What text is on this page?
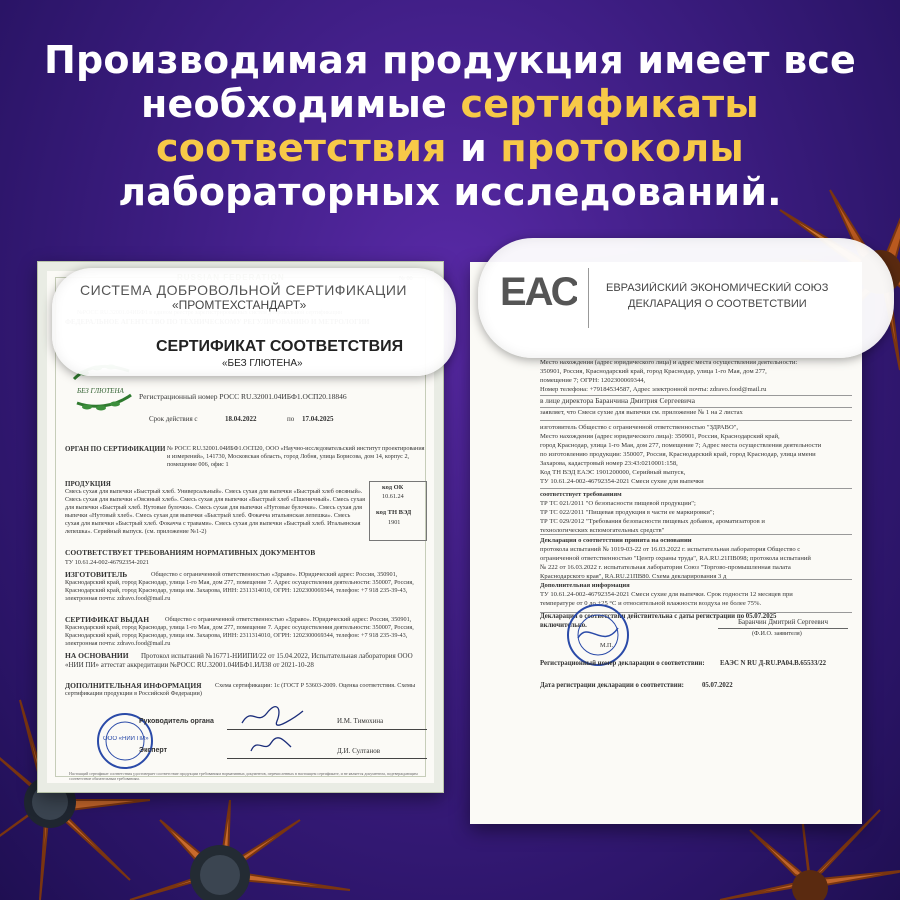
Производимая продукция имеет все необходимые сертификаты соответствия и протоколы лабораторных исследований.
БЕЗ ГЛЮТЕНА
Регистрационный номер РОСС RU.32001.04ИБФ1.ОСП20.18846
Срок действия с	18.04.2022	по 17.04.2025
ОРГАН ПО СЕРТИФИКАЦИИ № РОСС RU.32001.04ИБФ1.ОСП20, ООО «Научно-исследовательский институт проектирования и измерений», 141730, Московская область, город Лобня, улица Борисова, дом 14, корпус 2, помещение 006, офис 1
ПРОДУКЦИЯ
Смесь сухая для выпечки «Быстрый хлеб. Универсальный». Смесь сухая для выпечки «Быстрый хлеб овсяный». Смесь сухая для выпечки «Овсяный хлеб». Смесь сухая для выпечки «Быстрый хлеб «Пшеничный». Смесь сухая для выпечки «Быстрый хлеб. Нутовые булочки». Смесь сухая для выпечки «Нутовые булочки». Смесь сухая для выпечки «Нутовый хлеб». Смесь сухая для выпечки «Быстрый хлеб. Фокачча итальянская лепешка». Смесь сухая для выпечки «Быстрый хлеб. Фокачча с травами». Смесь сухая для выпечки «Быстрый хлеб. Итальянская лепешка». Серийный выпуск. (см. приложение №1-2)
код ОК
10.61.24
код ТН ВЭД
1901
СООТВЕТСТВУЕТ ТРЕБОВАНИЯМ НОРМАТИВНЫХ ДОКУМЕНТОВ
ТУ 10.61.24-002-46792354-2021
ИЗГОТОВИТЕЛЬ	Общество с ограниченной ответственностью «Здраво». Юридический адрес: Россия, 350901, Краснодарский край, город Краснодар, улица 1-го Мая, дом 277, помещение 7. Адрес осуществления деятельности: 350007, Россия, Краснодарский край, город Краснодар, улица им. Захарова, ИНН: 2311314010, ОГРН: 1202300069344, телефон: +7 918 235-39-43, электронная почта: zdravo.food@mail.ru
СЕРТИФИКАТ ВЫДАН	Общество с ограниченной ответственностью «Здраво». Юридический адрес: Россия, 350901, Краснодарский край, город Краснодар, улица 1-го Мая, дом 277, помещение 7. Адрес осуществления деятельности: 350007, Россия, Краснодарский край, город Краснодар, улица им. Захарова, ИНН: 2311314010, ОГРН: 1202300069344, телефон: +7 918 235-39-43, электронная почта: zdravo.food@mail.ru
НА ОСНОВАНИИ	Протокол испытаний №16771-НИИПИ/22 от 15.04.2022, Испытательная лаборатория ООО «НИИ ПИ» аттестат аккредитации №РОСС RU.32001.04ИБФ1.ИЛ38 от 2021-10-28
ДОПОЛНИТЕЛЬНАЯ ИНФОРМАЦИЯ	Схема сертификации: 1с (ГОСТ Р 53603-2009. Оценка соответствия. Схемы сертификации продукции в Российской Федерации)
ООО «НИИ ПИ»
Руководитель органа	И.М. Тимохина
Эксперт	Д.И. Султанов
Настоящий сертификат соответствия удостоверяет соответствие продукции требованиям нормативных документов, перечисленных в настоящем сертификате, и не является документом, подтверждающим соответствие обязательным требованиям.
СИСТЕМА ДОБРОВОЛЬНОЙ СЕРТИФИКАЦИИ
«ПРОМТЕХСТАНДАРТ»
СЕРТИФИКАТ СООТВЕТСТВИЯ
«БЕЗ ГЛЮТЕНА»	Место нахождения (адрес юридического лица) и адрес места осуществления деятельности:
350901, Россия, Краснодарский край, город Краснодар, улица 1-го Мая, дом 277,
помещение 7; ОГРН: 1202300069344,
Номер телефона: +79184534587, Адрес электронной почты: zdravo.food@mail.ru
в лице директора Баранчина Дмитрия Сергеевича
заявляет, что Смеси сухие для выпечки см. приложение № 1 на 2 листах
изготовитель Общество с ограниченной ответственностью "ЗДРАВО",
Место нахождения (адрес юридического лица): 350901, Россия, Краснодарский край,
город Краснодар, улица 1-го Мая, дом 277, помещение 7; Адрес места осуществления деятельности
по изготовлению продукции: 350007, Россия, Краснодарский край, город Краснодар, улица имени
Захарова, кадастровый номер 23:43:0210001:158,
Код ТН ВЭД ЕАЭС 1901200000, Серийный выпуск,
ТУ 10.61.24-002-46792354-2021 Смеси сухие для выпечки
соответствует требованиям
ТР ТС 021/2011 "О безопасности пищевой продукции";
ТР ТС 022/2011 "Пищевая продукция в части ее маркировки";
ТР ТС 029/2012 "Требования безопасности пищевых добавок, ароматизаторов и
технологических вспомогательных средств"
Декларация о соответствии принята на основании
протокола испытаний № 1019-03-22 от 16.03.2022 г. испытательная лаборатория Общество с
ограниченной ответственностью "Центр охраны труда", RA.RU.21ПВ098; протокола испытаний
№ 222 от 16.03.2022 г. испытательная лаборатория Союз "Торгово-промышленная палата
Краснодарского края", RA.RU.21ПВ80. Схема декларирования 3 д
Дополнительная информация
ТУ 10.61.24-002-46792354-2021 Смеси сухие для выпечки. Срок годности 12 месяцев при
температуре от 0 до +25 °С и относительной влажности воздуха не более 75%.
Декларация о соответствии действительна с даты регистрации по 05.07.2025
включительно.
М.П.
Баранчин Дмитрий Сергеевич
(Ф.И.О. заявителя)
Регистрационный номер декларации о соответствии: ЕАЭС N RU Д-RU.PA04.B.65533/22
Дата регистрации декларации о соответствии:	05.07.2022
ЕАС	ЕВРАЗИЙСКИЙ ЭКОНОМИЧЕСКИЙ СОЮЗ
ДЕКЛАРАЦИЯ О СООТВЕТСТВИИ
